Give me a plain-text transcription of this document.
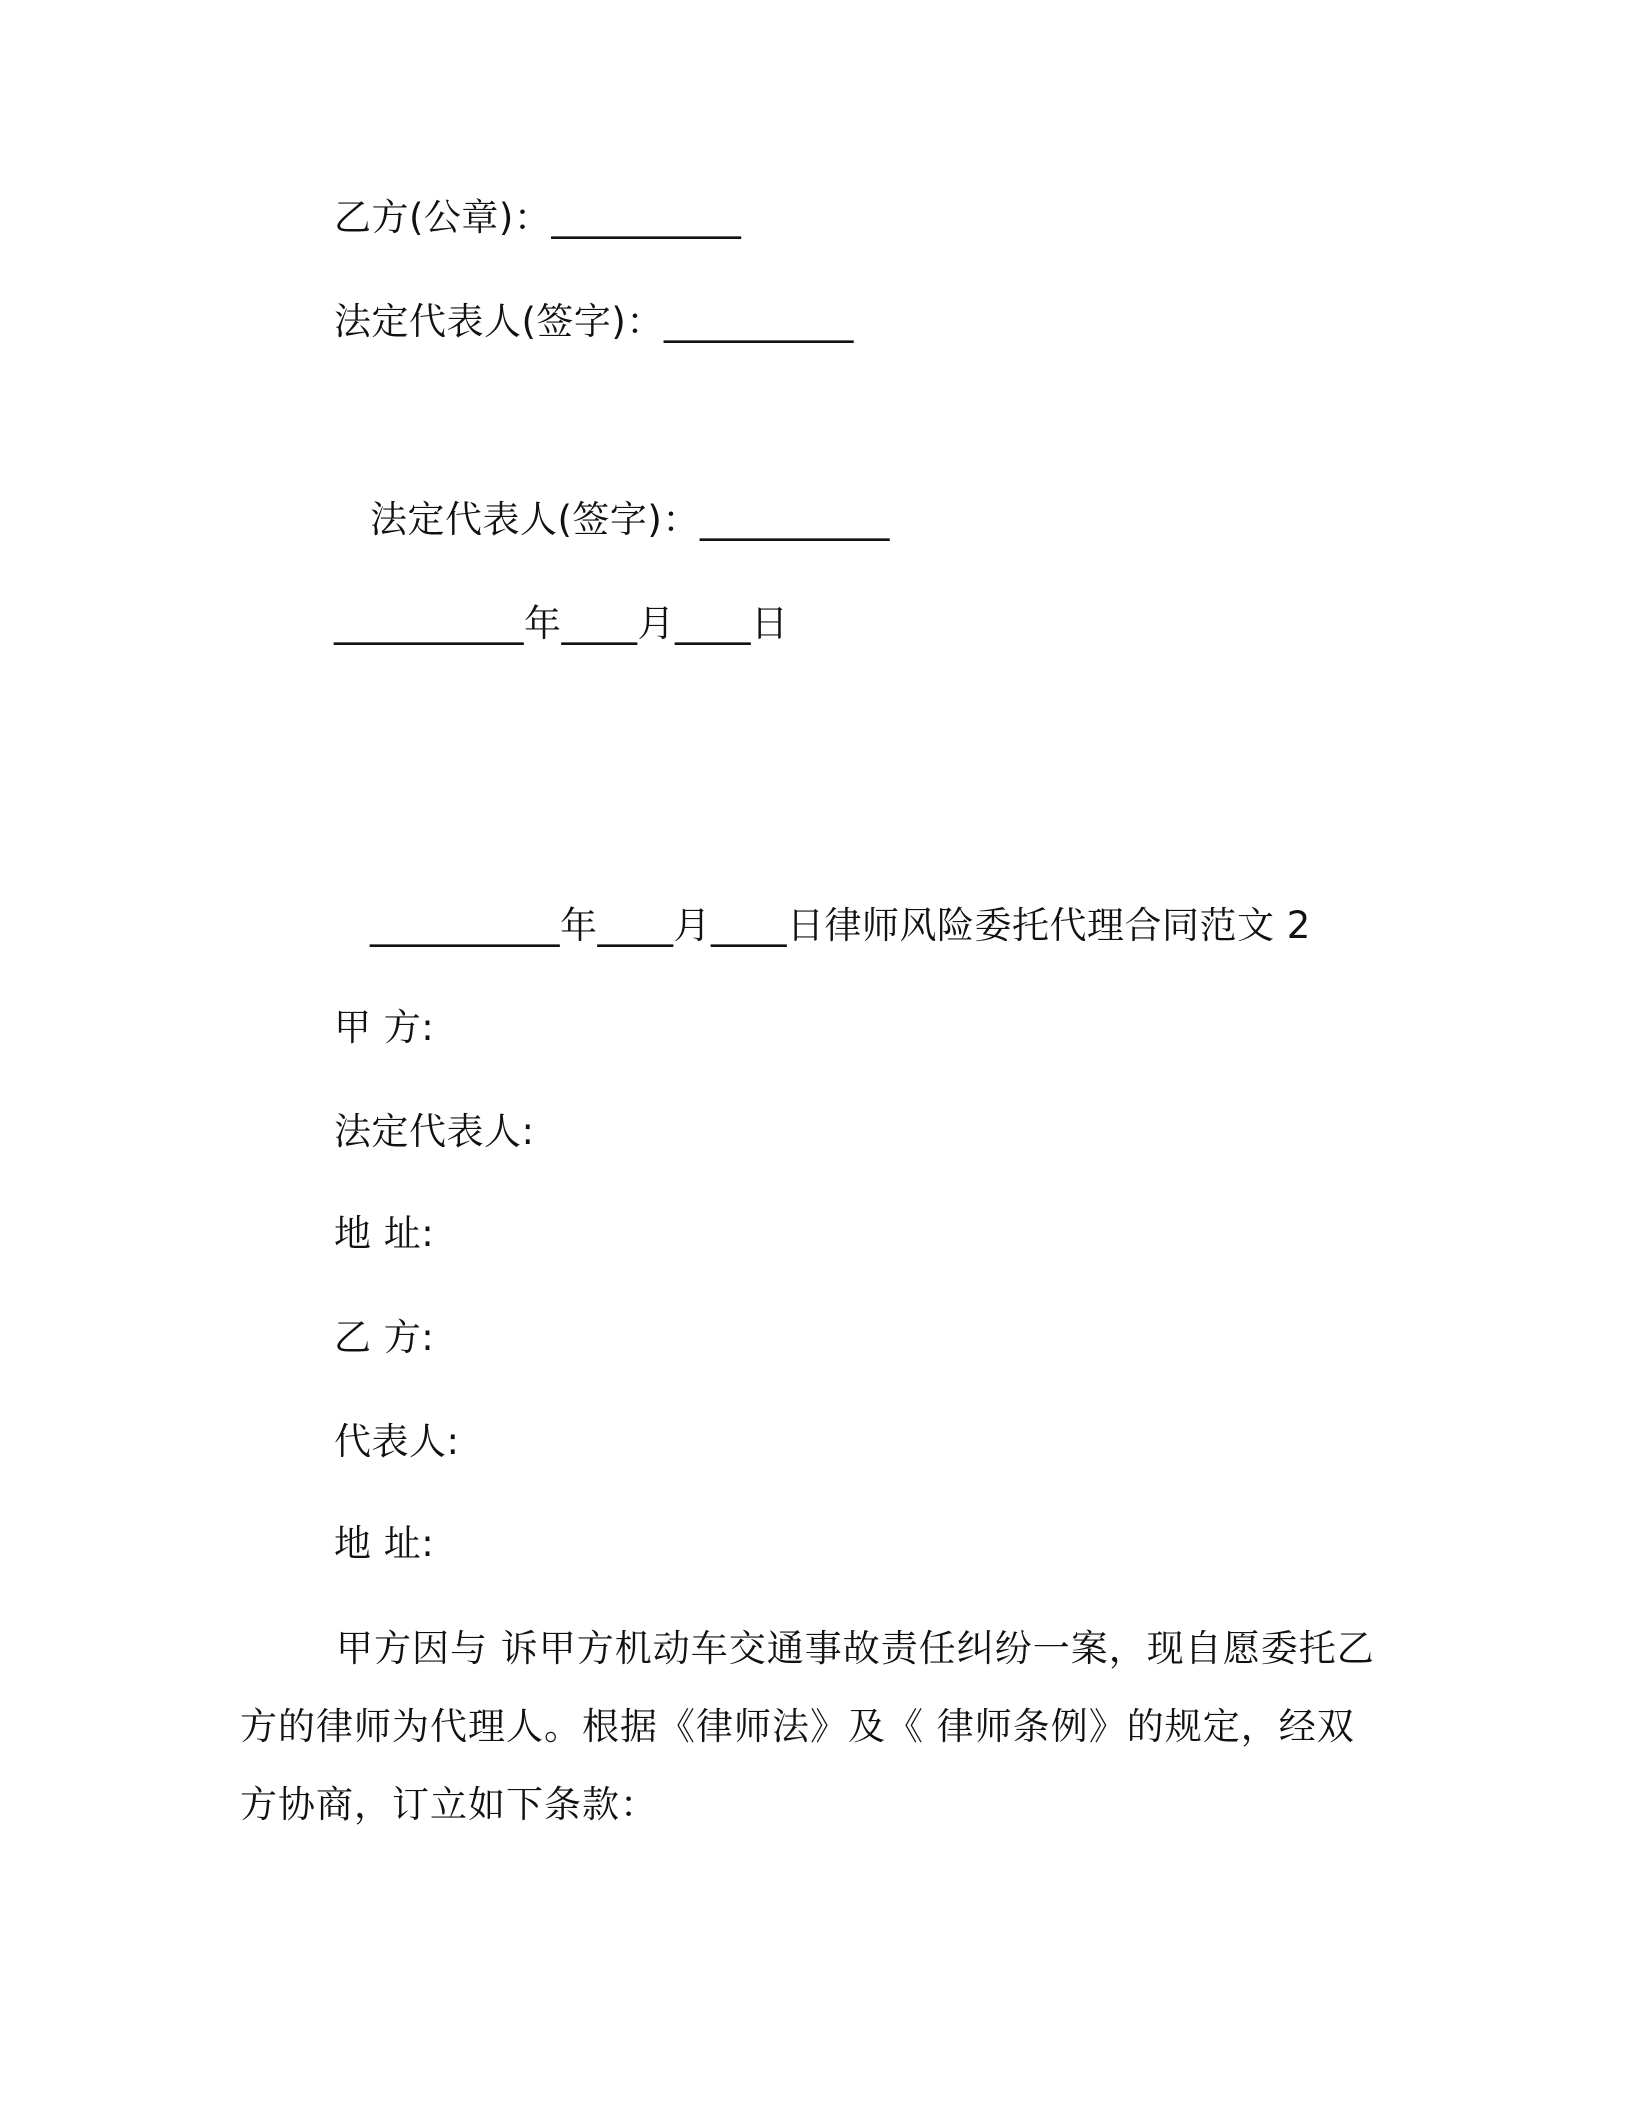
乙方(公章)：__________
法定代表人(签字)：__________
法定代表人(签字)：__________
__________年____月____日
__________年____月____日律师风险委托代理合同范文 2
甲 方:
法定代表人:
地 址:
乙 方:
代表人:
地 址:
甲方因与 诉甲方机动车交通事故责任纠纷一案，现自愿委托乙方的律师为代理人。根据《律师法》及《 律师条例》的规定，经双方协商，订立如下条款：
